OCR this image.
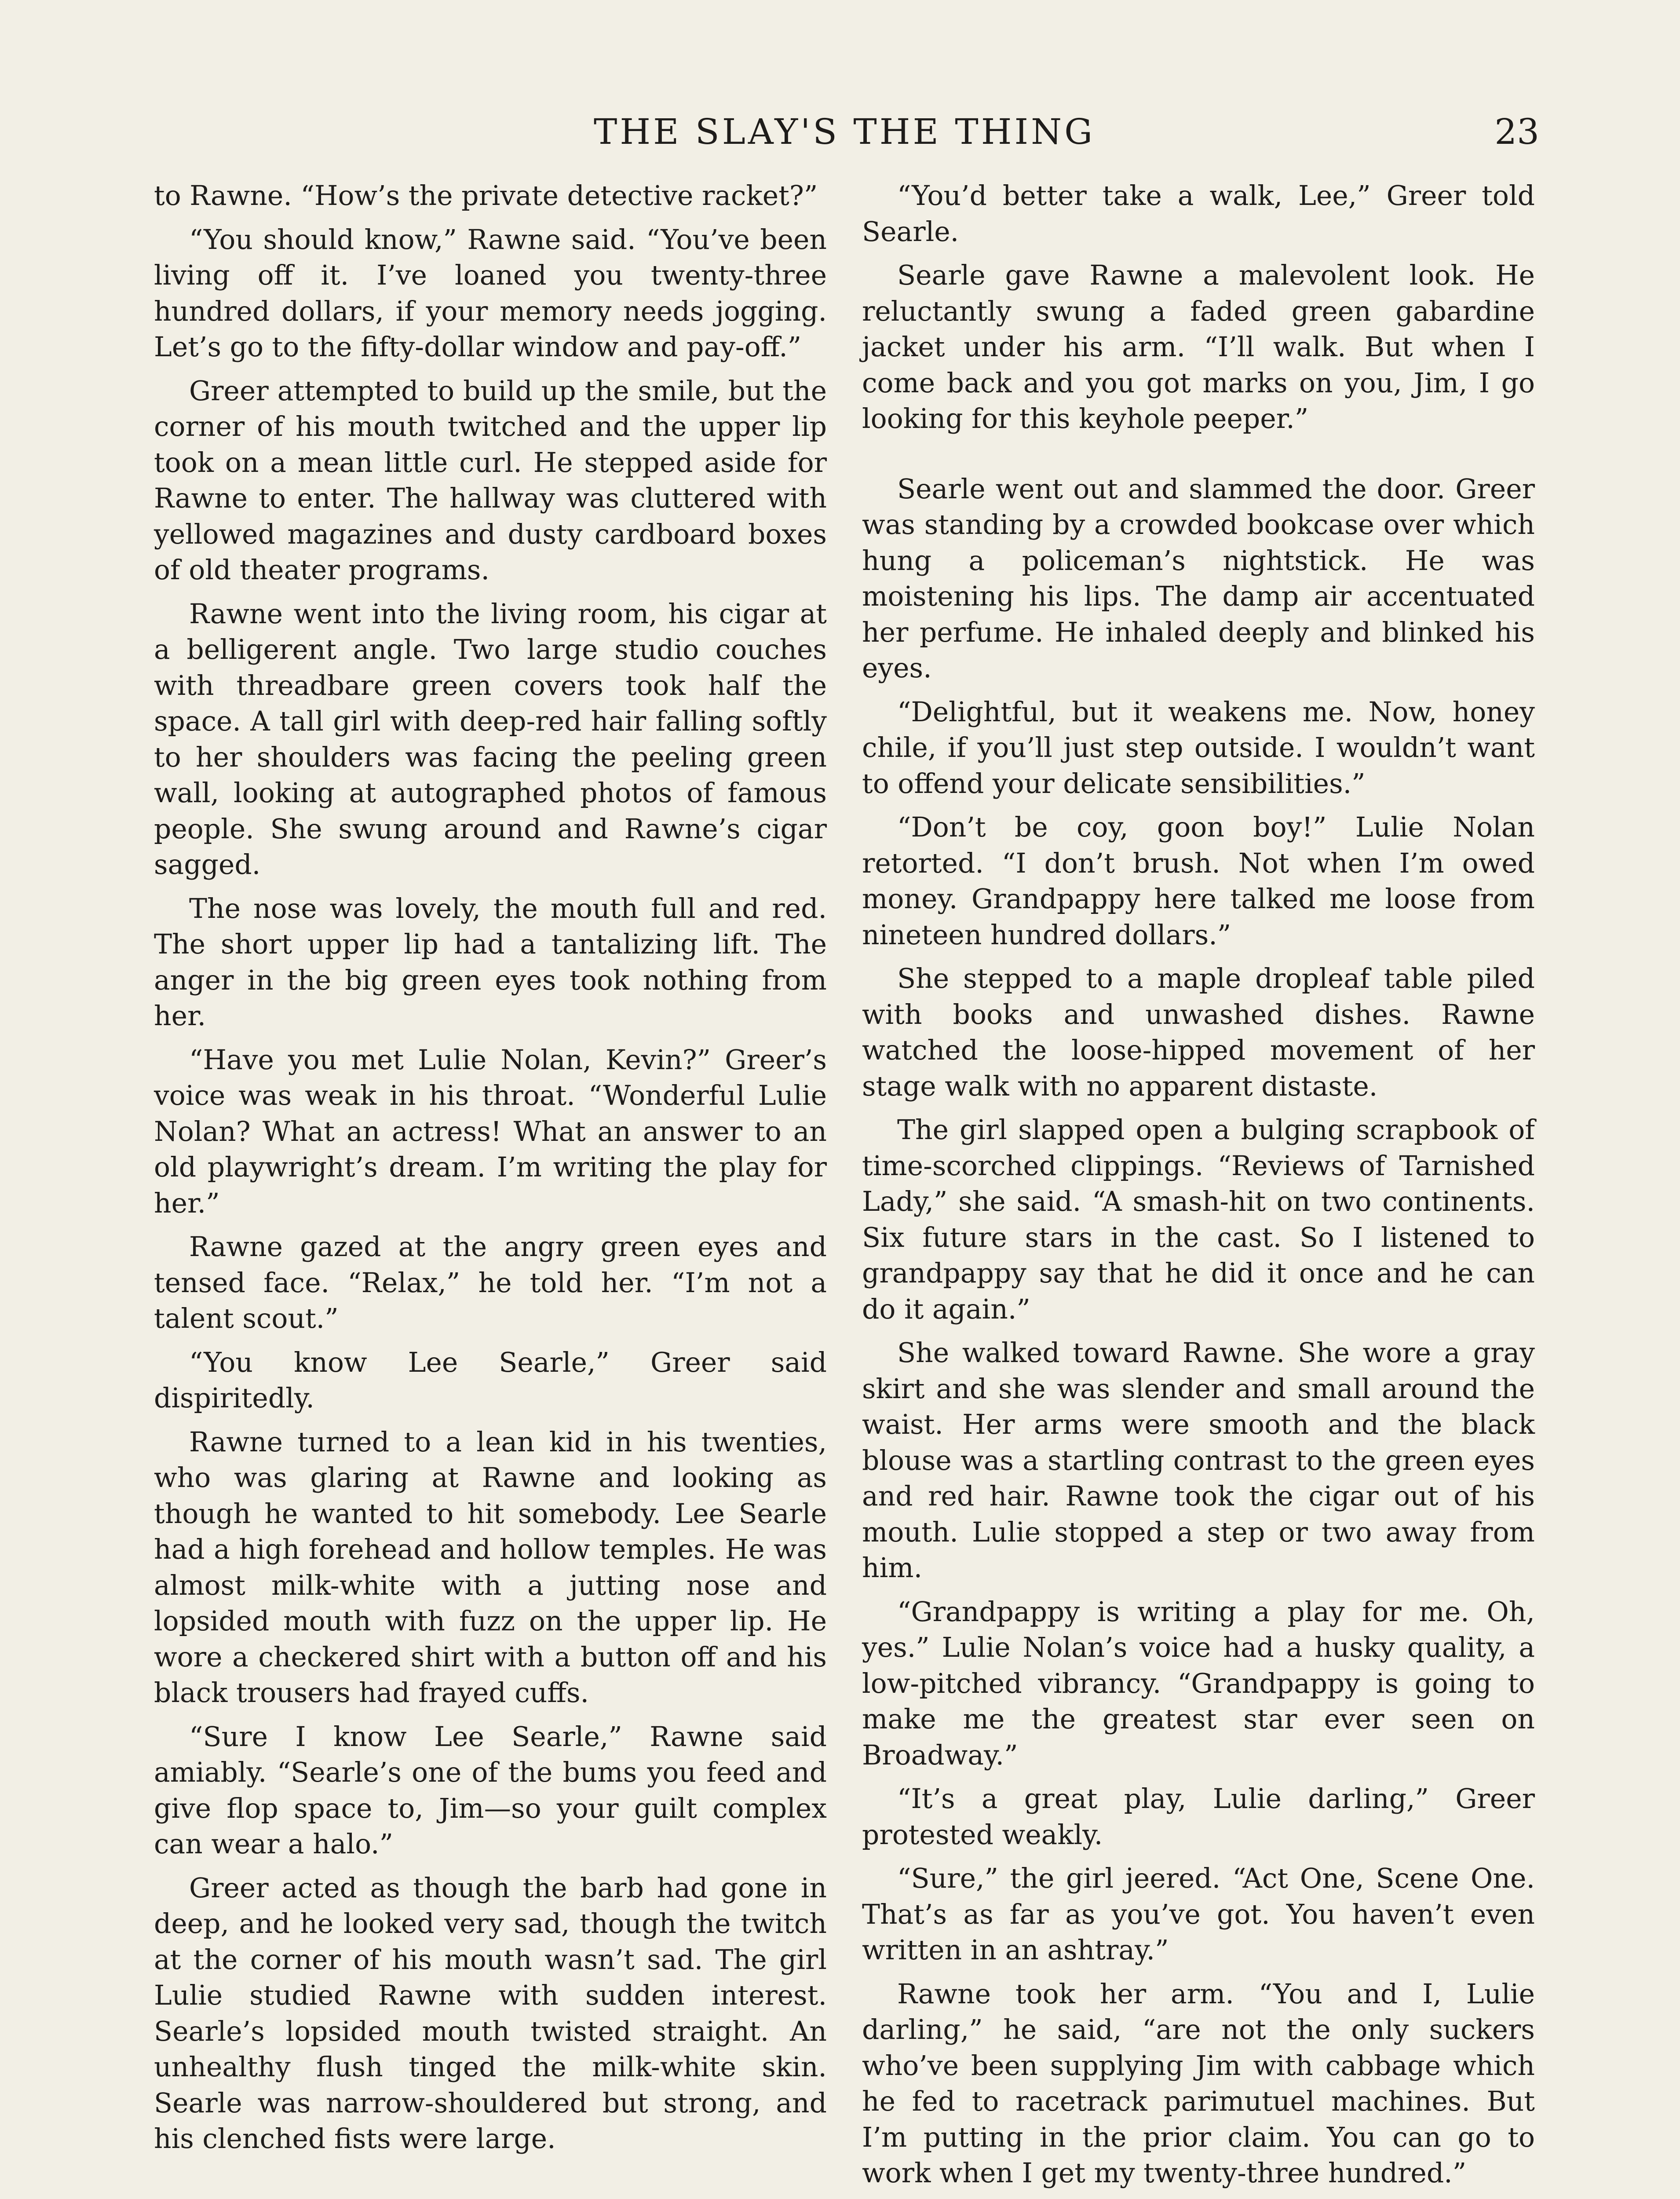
THE SLAY'S THE THING	23

to Rawne. “How’s the private detective racket?”

“You should know,” Rawne said. “You’ve been living off it. I’ve loaned you twenty-three hundred dollars, if your memory needs jogging. Let’s go to the fifty-dollar window and pay-off.”

Greer attempted to build up the smile, but the corner of his mouth twitched and the upper lip took on a mean little curl. He stepped aside for Rawne to enter. The hallway was cluttered with yellowed magazines and dusty cardboard boxes of old theater programs.

Rawne went into the living room, his cigar at a belligerent angle. Two large studio couches with threadbare green covers took half the space. A tall girl with deep-red hair falling softly to her shoulders was facing the peeling green wall, looking at autographed photos of famous people. She swung around and Rawne’s cigar sagged.

The nose was lovely, the mouth full and red. The short upper lip had a tantalizing lift. The anger in the big green eyes took nothing from her.

“Have you met Lulie Nolan, Kevin?” Greer’s voice was weak in his throat. “Wonderful Lulie Nolan? What an actress! What an answer to an old playwright’s dream. I’m writing the play for her.”

Rawne gazed at the angry green eyes and tensed face. “Relax,” he told her. “I’m not a talent scout.”

“You know Lee Searle,” Greer said dispiritedly.

Rawne turned to a lean kid in his twenties, who was glaring at Rawne and looking as though he wanted to hit somebody. Lee Searle had a high forehead and hollow temples. He was almost milk-white with a jutting nose and lopsided mouth with fuzz on the upper lip. He wore a checkered shirt with a button off and his black trousers had frayed cuffs.

“Sure I know Lee Searle,” Rawne said amiably. “Searle’s one of the bums you feed and give flop space to, Jim—so your guilt complex can wear a halo.”

Greer acted as though the barb had gone in deep, and he looked very sad, though the twitch at the corner of his mouth wasn’t sad. The girl Lulie studied Rawne with sudden interest. Searle’s lopsided mouth twisted straight. An unhealthy flush tinged the milk-white skin. Searle was narrow-shouldered but strong, and his clenched fists were large.

“You’d better take a walk, Lee,” Greer told Searle.

Searle gave Rawne a malevolent look. He reluctantly swung a faded green gabardine jacket under his arm. “I’ll walk. But when I come back and you got marks on you, Jim, I go looking for this keyhole peeper.”

Searle went out and slammed the door. Greer was standing by a crowded bookcase over which hung a policeman’s nightstick. He was moistening his lips. The damp air accentuated her perfume. He inhaled deeply and blinked his eyes.

“Delightful, but it weakens me. Now, honey chile, if you’ll just step outside. I wouldn’t want to offend your delicate sensibilities.”

“Don’t be coy, goon boy!” Lulie Nolan retorted. “I don’t brush. Not when I’m owed money. Grandpappy here talked me loose from nineteen hundred dollars.”

She stepped to a maple dropleaf table piled with books and unwashed dishes. Rawne watched the loose-hipped movement of her stage walk with no apparent distaste.

The girl slapped open a bulging scrapbook of time-scorched clippings. “Reviews of Tarnished Lady,” she said. “A smash-hit on two continents. Six future stars in the cast. So I listened to grandpappy say that he did it once and he can do it again.”

She walked toward Rawne. She wore a gray skirt and she was slender and small around the waist. Her arms were smooth and the black blouse was a startling contrast to the green eyes and red hair. Rawne took the cigar out of his mouth. Lulie stopped a step or two away from him.

“Grandpappy is writing a play for me. Oh, yes.” Lulie Nolan’s voice had a husky quality, a low-pitched vibrancy. “Grandpappy is going to make me the greatest star ever seen on Broadway.”

“It’s a great play, Lulie darling,” Greer protested weakly.

“Sure,” the girl jeered. “Act One, Scene One. That’s as far as you’ve got. You haven’t even written in an ashtray.”

Rawne took her arm. “You and I, Lulie darling,” he said, “are not the only suckers who’ve been supplying Jim with cabbage which he fed to racetrack parimutuel machines. But I’m putting in the prior claim. You can go to work when I get my twenty-three hundred.”
